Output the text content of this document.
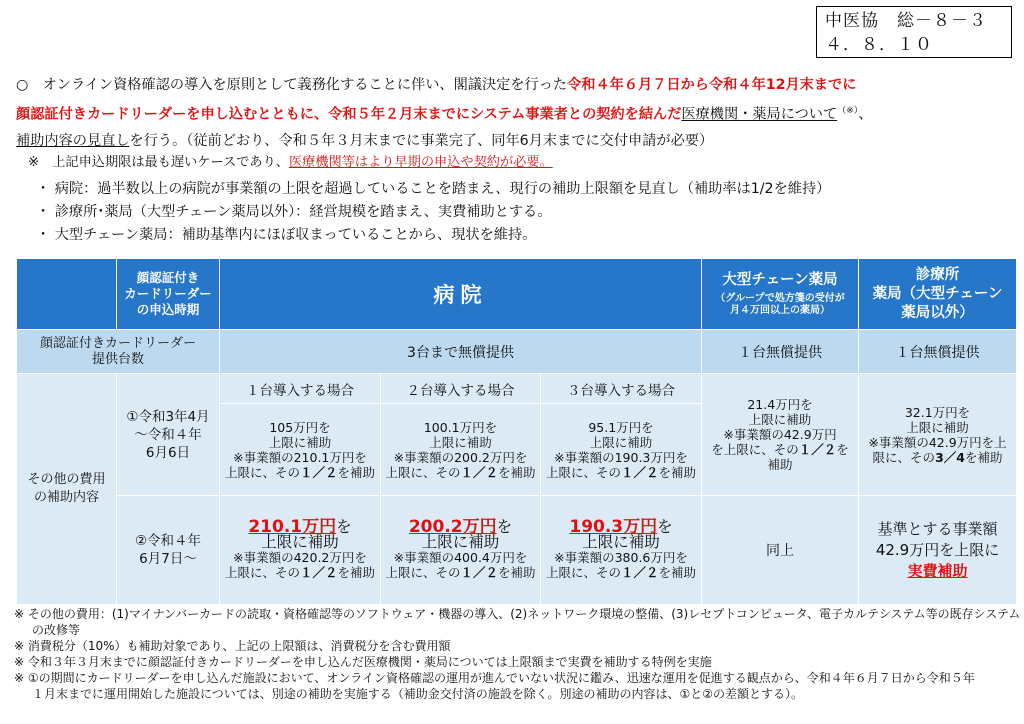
中医協　総－８－３
４．８．１０
○　オンライン資格確認の導入を原則として義務化することに伴い、閣議決定を行った令和４年６月７日から令和４年12月末までに
顔認証付きカードリーダーを申し込むとともに、令和５年２月末までにシステム事業者との契約を結んだ医療機関・薬局について（※）、
補助内容の見直しを行う。（従前どおり、令和５年３月末までに事業完了、同年6月末までに交付申請が必要）
※　上記申込期限は最も遅いケースであり、医療機関等はより早期の申込や契約が必要。
・ 病院：過半数以上の病院が事業額の上限を超過していることを踏まえ、現行の補助上限額を見直し（補助率は1/2を維持）
・ 診療所･薬局（大型チェーン薬局以外）：経営規模を踏まえ、実費補助とする。
・ 大型チェーン薬局：補助基準内にほぼ収まっていることから、現状を維持。
	顔認証付き
カードリーダー
の申込時期	病院			大型チェーン薬局
（グループで処方箋の受付が
月４万回以上の薬局）	診療所
薬局（大型チェーン
薬局以外）
顔認証付きカードリーダー
提供台数		3台まで無償提供			１台無償提供	１台無償提供
その他の費用
の補助内容	①令和3年4月
～令和４年
6月6日	１台導入する場合	２台導入する場合	３台導入する場合	21.4万円を
上限に補助
※事業額の42.9万円
を上限に、その１／２を
補助	32.1万円を
上限に補助
※事業額の42.9万円を上
限に、その3／4を補助
		105万円を
上限に補助
※事業額の210.1万円を
上限に、その１／２を補助	100.1万円を
上限に補助
※事業額の200.2万円を
上限に、その１／２を補助	95.1万円を
上限に補助
※事業額の190.3万円を
上限に、その１／２を補助		
	②令和４年
6月7日～	210.1万円を
上限に補助
※事業額の420.2万円を
上限に、その１／２を補助	200.2万円を
上限に補助
※事業額の400.4万円を
上限に、その１／２を補助	190.3万円を
上限に補助
※事業額の380.6万円を
上限に、その１／２を補助	同上	基準とする事業額
42.9万円を上限に
実費補助
※ その他の費用：(1)マイナンバーカードの読取・資格確認等のソフトウェア・機器の導入、(2)ネットワーク環境の整備、(3)レセプトコンピュータ、電子カルテシステム等の既存システム
の改修等
※ 消費税分（10%）も補助対象であり、上記の上限額は、消費税分を含む費用額
※ 令和３年３月末までに顔認証付きカードリーダーを申し込んだ医療機関・薬局については上限額まで実費を補助する特例を実施
※ ①の期間にカードリーダーを申し込んだ施設において、オンライン資格確認の運用が進んでいない状況に鑑み、迅速な運用を促進する観点から、令和４年６月７日から令和５年
１月末までに運用開始した施設については、別途の補助を実施する（補助金交付済の施設を除く。別途の補助の内容は、①と②の差額とする）。
